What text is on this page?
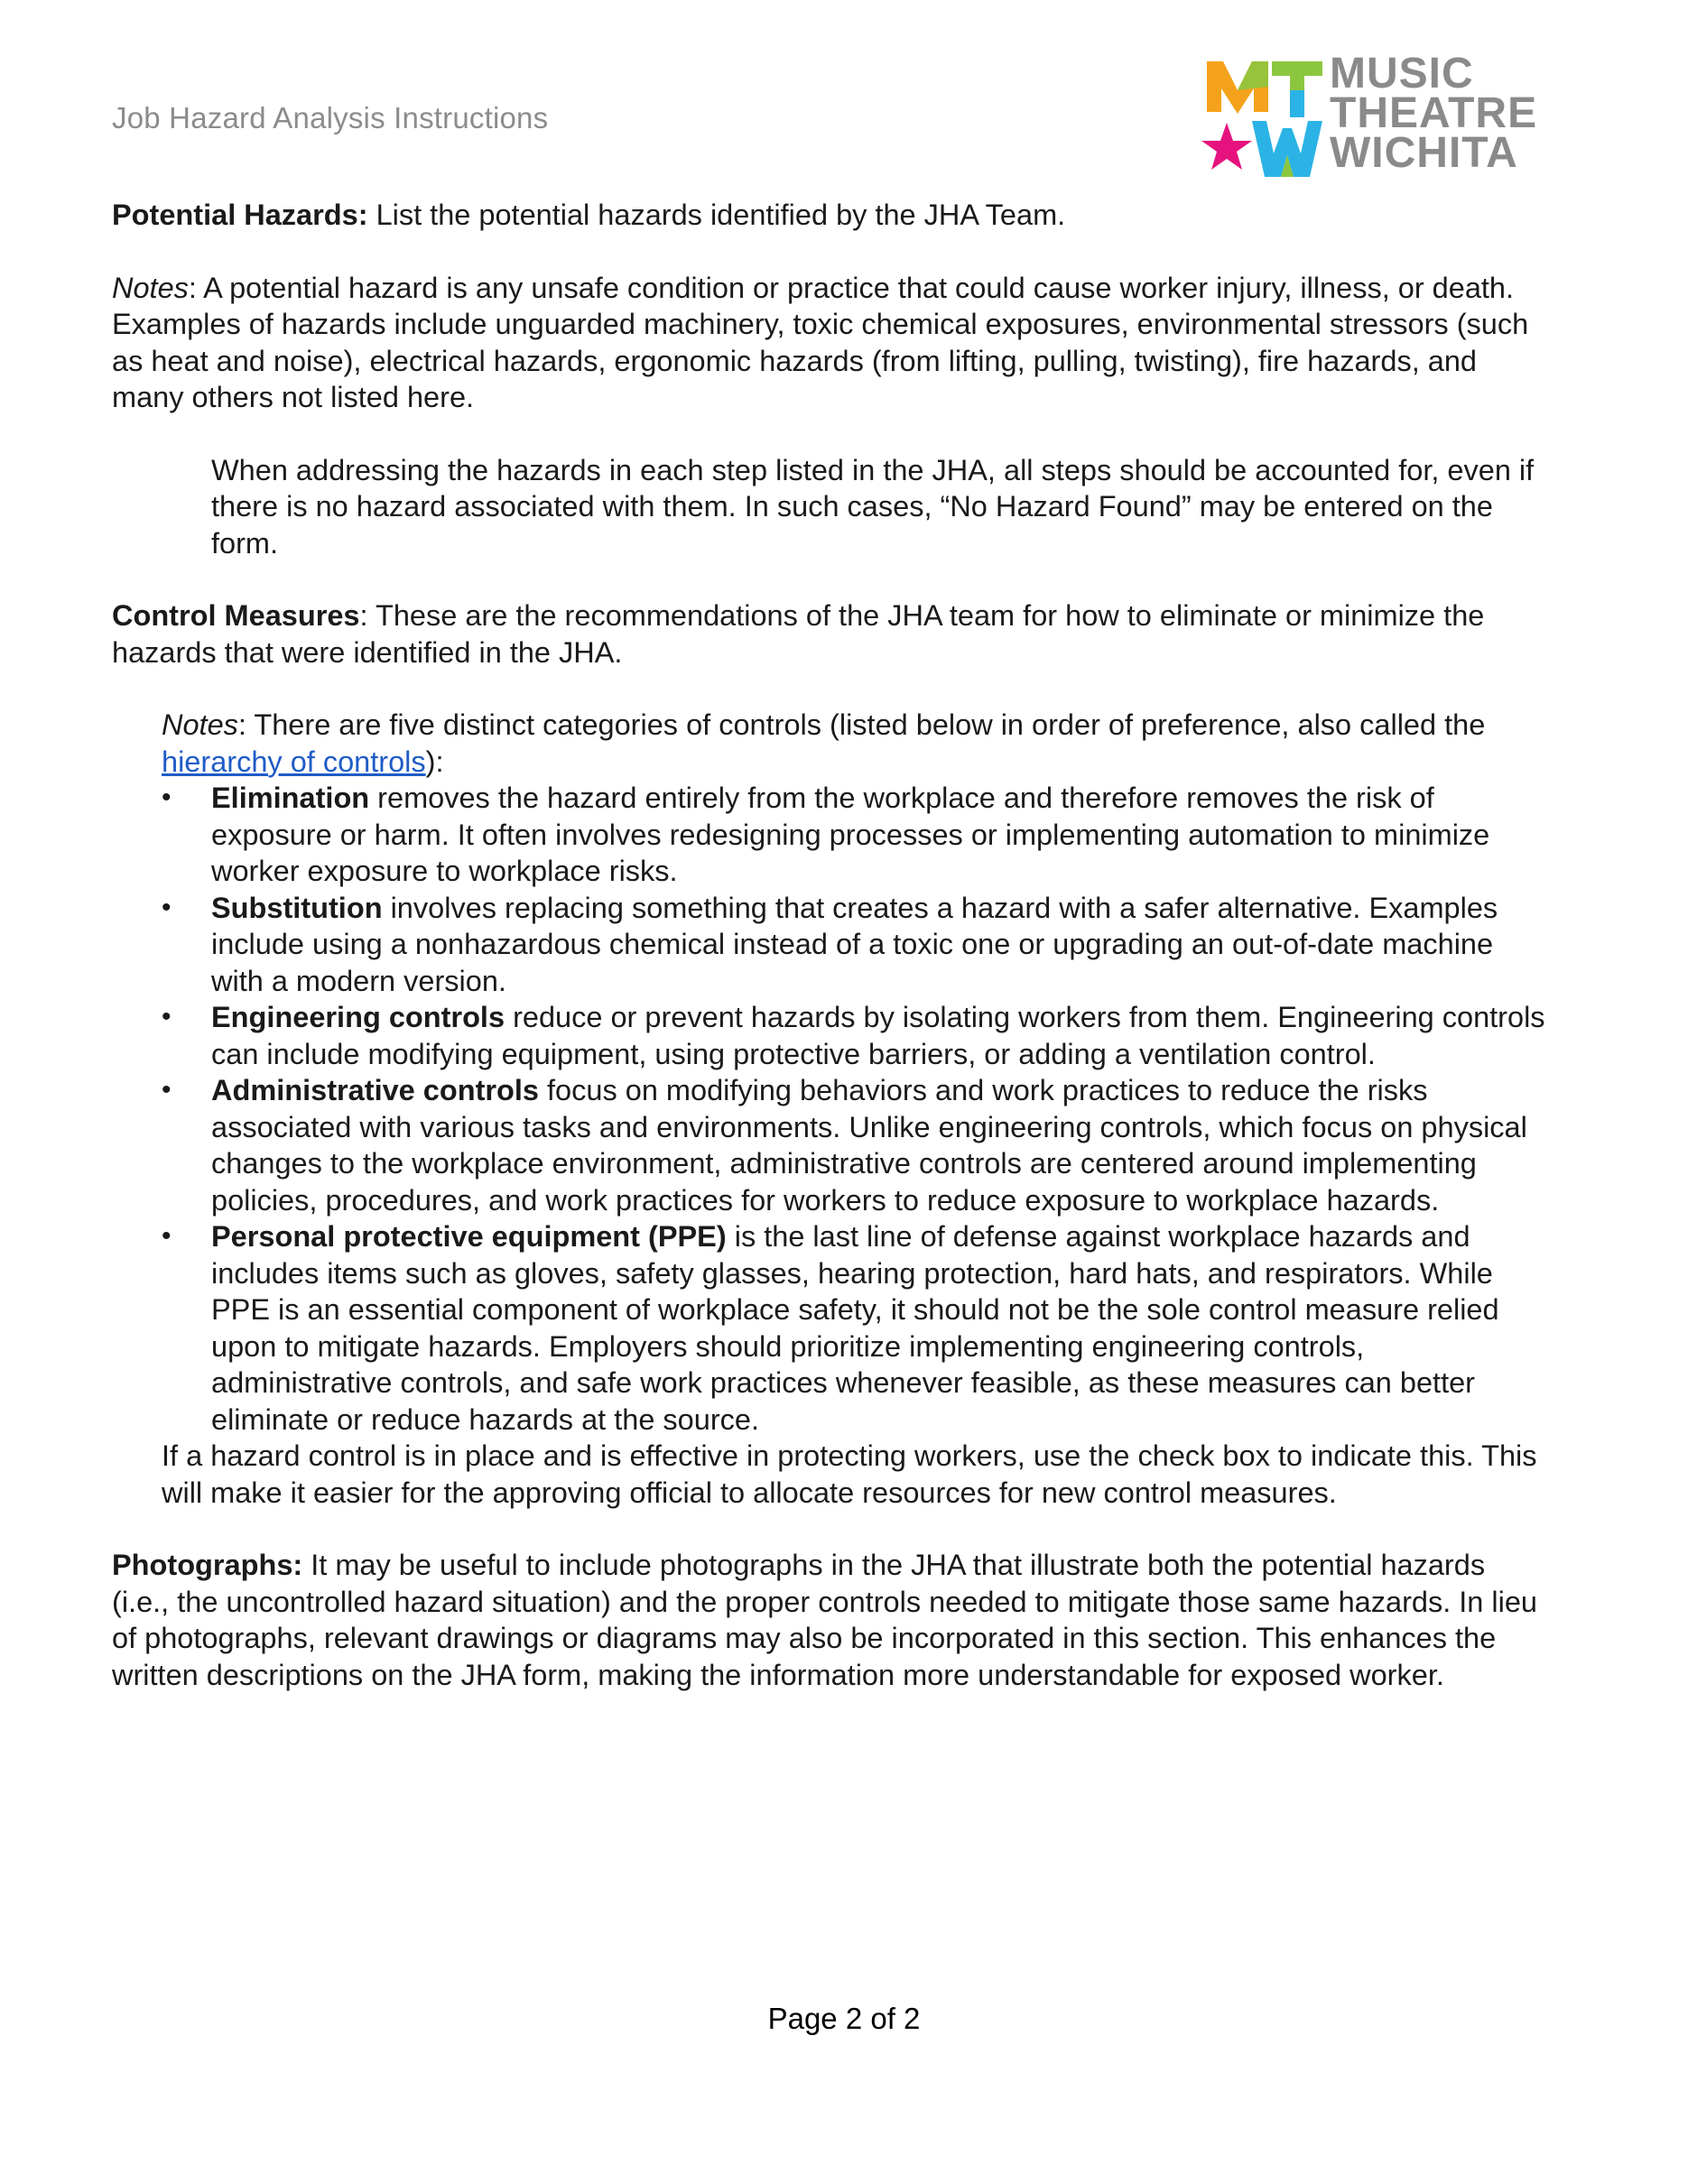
Job Hazard Analysis Instructions
MUSIC
THEATRE
WICHITA

Potential Hazards: List the potential hazards identified by the JHA Team.

Notes: A potential hazard is any unsafe condition or practice that could cause worker injury, illness, or death. Examples of hazards include unguarded machinery, toxic chemical exposures, environmental stressors (such as heat and noise), electrical hazards, ergonomic hazards (from lifting, pulling, twisting), fire hazards, and many others not listed here.

When addressing the hazards in each step listed in the JHA, all steps should be accounted for, even if there is no hazard associated with them. In such cases, “No Hazard Found” may be entered on the form.

Control Measures: These are the recommendations of the JHA team for how to eliminate or minimize the hazards that were identified in the JHA.

Notes: There are five distinct categories of controls (listed below in order of preference, also called the hierarchy of controls):

• Elimination removes the hazard entirely from the workplace and therefore removes the risk of exposure or harm. It often involves redesigning processes or implementing automation to minimize worker exposure to workplace risks.
• Substitution involves replacing something that creates a hazard with a safer alternative. Examples include using a nonhazardous chemical instead of a toxic one or upgrading an out-of-date machine with a modern version.
• Engineering controls reduce or prevent hazards by isolating workers from them. Engineering controls can include modifying equipment, using protective barriers, or adding a ventilation control.
• Administrative controls focus on modifying behaviors and work practices to reduce the risks associated with various tasks and environments. Unlike engineering controls, which focus on physical changes to the workplace environment, administrative controls are centered around implementing policies, procedures, and work practices for workers to reduce exposure to workplace hazards.
• Personal protective equipment (PPE) is the last line of defense against workplace hazards and includes items such as gloves, safety glasses, hearing protection, hard hats, and respirators. While PPE is an essential component of workplace safety, it should not be the sole control measure relied upon to mitigate hazards. Employers should prioritize implementing engineering controls, administrative controls, and safe work practices whenever feasible, as these measures can better eliminate or reduce hazards at the source.

If a hazard control is in place and is effective in protecting workers, use the check box to indicate this. This will make it easier for the approving official to allocate resources for new control measures.

Photographs: It may be useful to include photographs in the JHA that illustrate both the potential hazards (i.e., the uncontrolled hazard situation) and the proper controls needed to mitigate those same hazards. In lieu of photographs, relevant drawings or diagrams may also be incorporated in this section. This enhances the written descriptions on the JHA form, making the information more understandable for exposed worker.

Page 2 of 2
